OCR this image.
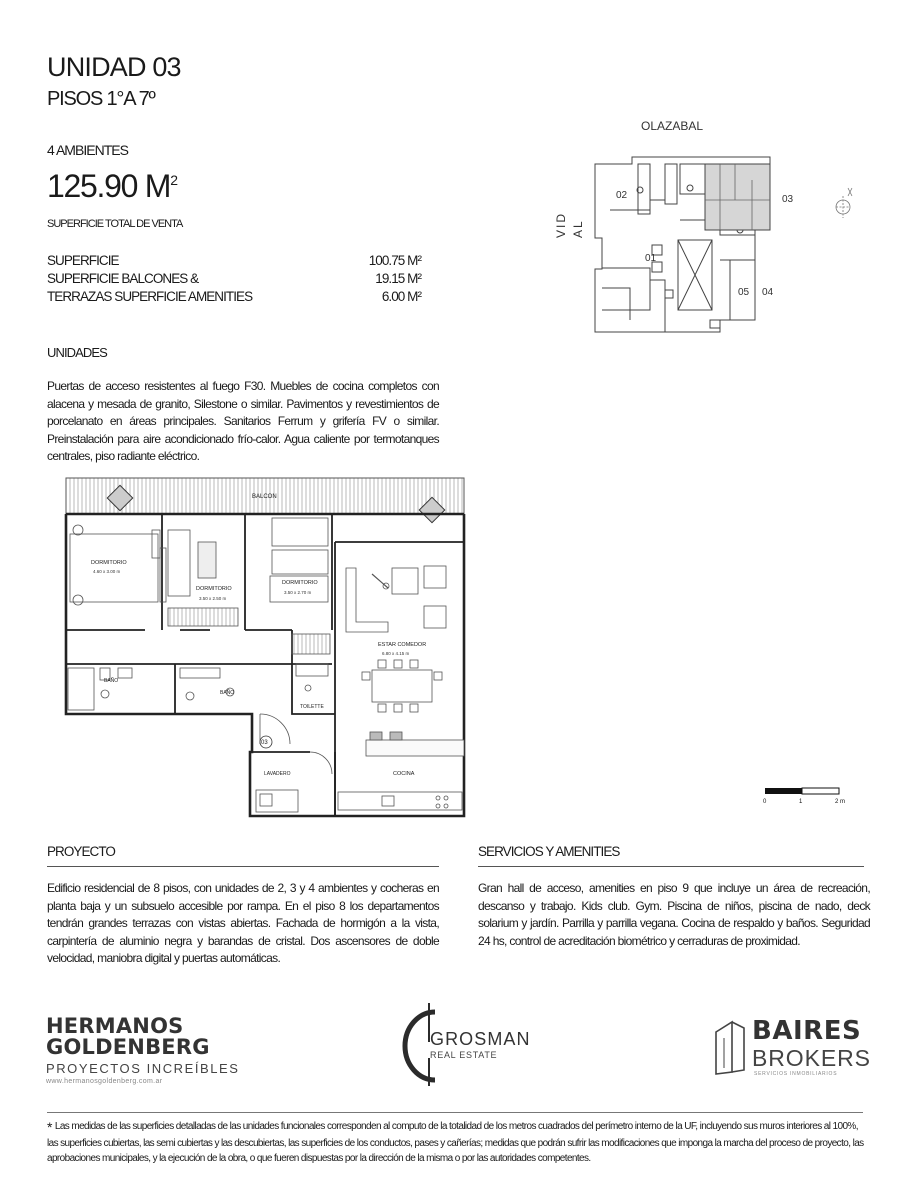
UNIDAD 03
PISOS 1°A 7º
4 AMBIENTES
125.90 $M^2$
SUPERFICIE TOTAL DE VENTA
SUPERFICIE	100.75 M²
SUPERFICIE BALCONES &	19.15 M²
TERRAZAS SUPERFICIE AMENITIES	6.00 M²
UNIDADES
Puertas de acceso resistentes al fuego F30. Muebles de cocina completos con alacena y mesada de granito, Silestone o similar. Pavimentos y revestimientos de porcelanato en áreas principales. Sanitarios Ferrum y grifería FV o similar. Preinstalación para aire acondicionado frío-calor. Agua caliente por termotanques centrales, piso radiante eléctrico.
OLAZABAL
VID AL
02	03
01
05 04
BALCON
DORMITORIO
4.60 x 3.00 m
DORMITORIO
3.50 x 2.50 m
DORMITORIO
3.50 x 2.70 m
ESTAR COMEDOR
6.80 x 4.15 m
BAÑO
BAÑO
TOILETTE
03
LAVADERO	COCINA
0	1	2 m
PROYECTO
Edificio residencial de 8 pisos, con unidades de 2, 3 y 4 ambientes y cocheras en planta baja y un subsuelo accesible por rampa. En el piso 8 los departamentos tendrán grandes terrazas con vistas abiertas. Fachada de hormigón a la vista, carpintería de aluminio negra y barandas de cristal. Dos ascensores de doble velocidad, maniobra digital y puertas automáticas.
SERVICIOS Y AMENITIES
Gran hall de acceso, amenities en piso 9 que incluye un área de recreación, descanso y trabajo. Kids club. Gym. Piscina de niños, piscina de nado, deck solarium y jardín. Parrilla y parrilla vegana. Cocina de respaldo y baños. Seguridad 24 hs, control de acreditación biométrico y cerraduras de proximidad.
HERMANOS
GOLDENBERG
PROYECTOS INCREÍBLES
www.hermanosgoldenberg.com.ar
GROSMAN
REAL ESTATE
BAIRES
BROKERS
SERVICIOS INMOBILIARIOS
* Las medidas de las superficies detalladas de las unidades funcionales corresponden al computo de la totalidad de los metros cuadrados del perímetro interno de la UF, incluyendo sus muros interiores al 100%, las superficies cubiertas, las semi cubiertas y las descubiertas, las superficies de los conductos, pases y cañerías; medidas que podrán sufrir las modificaciones que imponga la marcha del proceso de proyecto, las aprobaciones municipales, y la ejecución de la obra, o que fueren dispuestas por la dirección de la misma o por las autoridades competentes.
